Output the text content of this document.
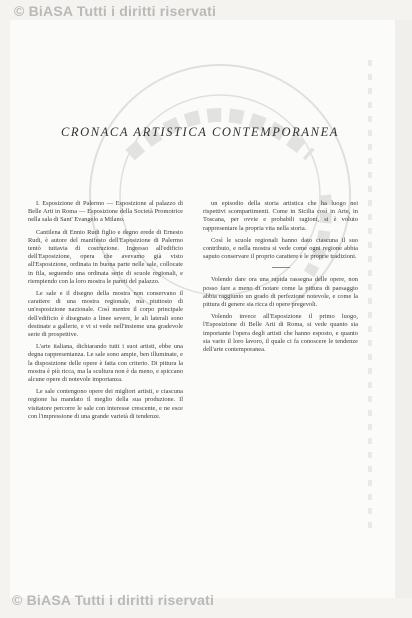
© BiASA Tutti i diritti riservati
CRONACA ARTISTICA CONTEMPORANEA

I. Esposizione di Palermo — Esposizione al palazzo di Belle Arti in Roma — Esposizione della Società Promotrice nella sala di Sant' Evangelo a Milano.

Cantilena di Ennio Rudi figlio e degno erede di Ernesto Rudi, è autore del manifesto dell'Esposizione di Palermo tentò tuttavia di costruzione. Ingresso all'edificio dell'Esposizione, opera che avevamo già visto all'Esposizione, ordinata in buona parte nelle sale, collocate in fila, seguendo una ordinata serie di scuole regionali, e riempiendo con la loro mostra le pareti del palazzo.

Le sale e il disegno della mostra non conservano il carattere di una mostra regionale, ma piuttosto di un'esposizione nazionale. Così mentre il corpo principale dell'edificio è disegnato a linee severe, le ali laterali sono destinate a gallerie, e vi si vede nell'insieme una gradevole serie di prospettive.

L'arte italiana, dichiarando tutti i suoi artisti, ebbe una degna rappresentanza. Le sale sono ampie, ben illuminate, e la disposizione delle opere è fatta con criterio. Di pittura la mostra è più ricca, ma la scultura non è da meno, e spiccano alcune opere di notevole importanza.

Le sale contengono opere dei migliori artisti, e ciascuna regione ha mandato il meglio della sua produzione. Il visitatore percorre le sale con interesse crescente, e ne esce con l'impressione di una grande varietà di tendenze.

un episodio della storia artistica che ha luogo nei rispettivi scompartimenti. Come in Sicilia così in Arte, in Toscana, per ovvie e probabili ragioni, si è voluto rappresentare la propria vita nella storia.

Così le scuole regionali hanno dato ciascuna il suo contributo, e nella mostra si vede come ogni regione abbia saputo conservare il proprio carattere e le proprie tradizioni.

Volendo dare ora una rapida rassegna delle opere, non posso fare a meno di notare come la pittura di paesaggio abbia raggiunto un grado di perfezione notevole, e come la pittura di genere sia ricca di opere pregevoli.

Volendo invece all'Esposizione il primo luogo, l'Esposizione di Belle Arti di Roma, si vede quanto sia importante l'opera degli artisti che hanno esposto, e quanto sia vario il loro lavoro, il quale ci fa conoscere le tendenze dell'arte contemporanea.

© BiASA Tutti i diritti riservati
